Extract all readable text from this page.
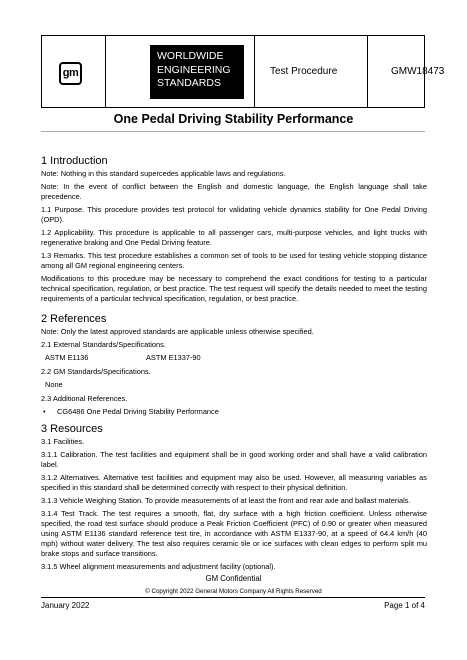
gm
WORLDWIDE
ENGINEERING
STANDARDS
Test Procedure	GMW18473
One Pedal Driving Stability Performance
1 Introduction
Note: Nothing in this standard supercedes applicable laws and regulations.
Note: In the event of conflict between the English and domestic language, the English language shall take precedence.
1.1 Purpose. This procedure provides test protocol for validating vehicle dynamics stability for One Pedal Driving (OPD).
1.2 Applicability. This procedure is applicable to all passenger cars, multi-purpose vehicles, and light trucks with regenerative braking and One Pedal Driving feature.
1.3 Remarks. This test procedure establishes a common set of tools to be used for testing vehicle stopping distance among all GM regional engineering centers.
Modifications to this procedure may be necessary to comprehend the exact conditions for testing to a particular technical specification, regulation, or best practice. The test request will specify the details needed to meet the testing requirements of a particular technical specification, regulation, or best practice.
2 References
Note: Only the latest approved standards are applicable unless otherwise specified.
2.1 External Standards/Specifications.
ASTM E1136	ASTM E1337-90
2.2 GM Standards/Specifications.
None
2.3 Additional References.
• CG6486 One Pedal Driving Stability Performance
3 Resources
3.1 Facilities.
3.1.1 Calibration. The test facilities and equipment shall be in good working order and shall have a valid calibration label.
3.1.2 Alternatives. Alternative test facilities and equipment may also be used. However, all measuring variables as specified in this standard shall be determined correctly with respect to their physical definition.
3.1.3 Vehicle Weighing Station. To provide measurements of at least the front and rear axle and ballast materials.
3.1.4 Test Track. The test requires a smooth, flat, dry surface with a high friction coefficient. Unless otherwise specified, the road test surface should produce a Peak Friction Coefficient (PFC) of 0.90 or greater when measured using ASTM E1136 standard reference test tire, in accordance with ASTM E1337-90, at a speed of 64.4 km/h (40 mph) without water delivery. The test also requires ceramic tile or ice surfaces with clean edges to perform split mu brake stops and surface transitions.
3.1.5 Wheel alignment measurements and adjustment facility (optional).
GM Confidential
© Copyright 2022 General Motors Company All Rights Reserved
January 2022	Page 1 of 4
